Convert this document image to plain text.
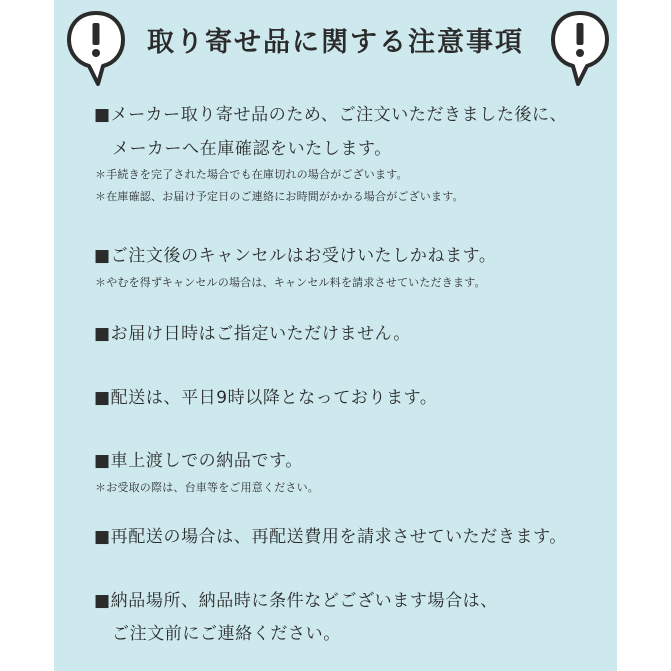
取り寄せ品に関する注意事項
■メーカー取り寄せ品のため、ご注文いただきました後に、
メーカーへ在庫確認をいたします。
＊手続きを完了された場合でも在庫切れの場合がございます。
＊在庫確認、お届け予定日のご連絡にお時間がかかる場合がございます。
■ご注文後のキャンセルはお受けいたしかねます。
＊やむを得ずキャンセルの場合は、キャンセル料を請求させていただきます。
■お届け日時はご指定いただけません。
■配送は、平日9時以降となっております。
■車上渡しでの納品です。
＊お受取の際は、台車等をご用意ください。
■再配送の場合は、再配送費用を請求させていただきます。
■納品場所、納品時に条件などございます場合は、
ご注文前にご連絡ください。
